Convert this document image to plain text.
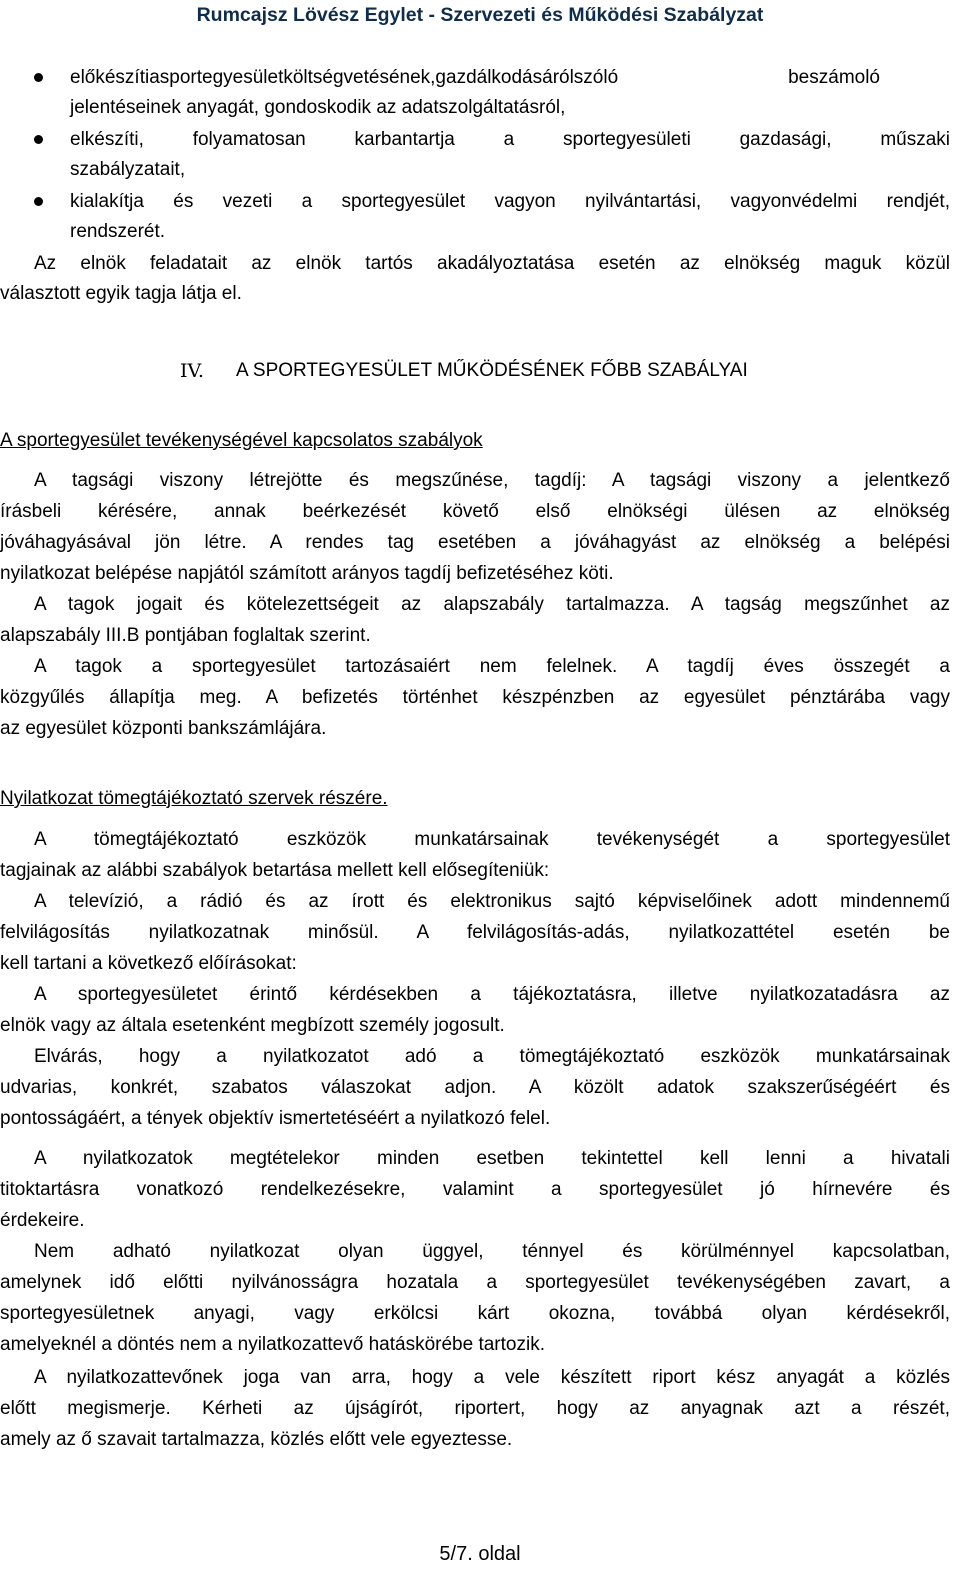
Rumcajsz Lövész Egylet - Szervezeti és Működési Szabályzat
előkészítiasportegyesületköltségvetésének,gazdálkodásárólszóló beszámoló
jelentéseinek anyagát, gondoskodik az adatszolgáltatásról,
elkészíti, folyamatosan karbantartja a sportegyesületi gazdasági, műszaki
szabályzatait,
kialakítja és vezeti a sportegyesület vagyon nyilvántartási, vagyonvédelmi rendjét,
rendszerét.
Az elnök feladatait az elnök tartós akadályoztatása esetén az elnökség maguk közül
választott egyik tagja látja el.
IV. A SPORTEGYESÜLET MŰKÖDÉSÉNEK FŐBB SZABÁLYAI
A sportegyesület tevékenységével kapcsolatos szabályok
A tagsági viszony létrejötte és megszűnése, tagdíj: A tagsági viszony a jelentkező
írásbeli kérésére, annak beérkezését követő első elnökségi ülésen az elnökség
jóváhagyásával jön létre. A rendes tag esetében a jóváhagyást az elnökség a belépési
nyilatkozat belépése napjától számított arányos tagdíj befizetéséhez köti.
A tagok jogait és kötelezettségeit az alapszabály tartalmazza. A tagság megszűnhet az
alapszabály III.B pontjában foglaltak szerint.
A tagok a sportegyesület tartozásaiért nem felelnek. A tagdíj éves összegét a
közgyűlés állapítja meg. A befizetés történhet készpénzben az egyesület pénztárába vagy
az egyesület központi bankszámlájára.
Nyilatkozat tömegtájékoztató szervek részére.
A tömegtájékoztató eszközök munkatársainak tevékenységét a sportegyesület
tagjainak az alábbi szabályok betartása mellett kell elősegíteniük:
A televízió, a rádió és az írott és elektronikus sajtó képviselőinek adott mindennemű
felvilágosítás nyilatkozatnak minősül. A felvilágosítás-adás, nyilatkozattétel esetén be
kell tartani a következő előírásokat:
A sportegyesületet érintő kérdésekben a tájékoztatásra, illetve nyilatkozatadásra az
elnök vagy az általa esetenként megbízott személy jogosult.
Elvárás, hogy a nyilatkozatot adó a tömegtájékoztató eszközök munkatársainak
udvarias, konkrét, szabatos válaszokat adjon. A közölt adatok szakszerűségéért és
pontosságáért, a tények objektív ismertetéséért a nyilatkozó felel.
A nyilatkozatok megtételekor minden esetben tekintettel kell lenni a hivatali
titoktartásra vonatkozó rendelkezésekre, valamint a sportegyesület jó hírnevére és
érdekeire.
Nem adható nyilatkozat olyan üggyel, ténnyel és körülménnyel kapcsolatban,
amelynek idő előtti nyilvánosságra hozatala a sportegyesület tevékenységében zavart, a
sportegyesületnek anyagi, vagy erkölcsi kárt okozna, továbbá olyan kérdésekről,
amelyeknél a döntés nem a nyilatkozattevő hatáskörébe tartozik.
A nyilatkozattevőnek joga van arra, hogy a vele készített riport kész anyagát a közlés
előtt megismerje. Kérheti az újságírót, riportert, hogy az anyagnak azt a részét,
amely az ő szavait tartalmazza, közlés előtt vele egyeztesse.
5/7. oldal
